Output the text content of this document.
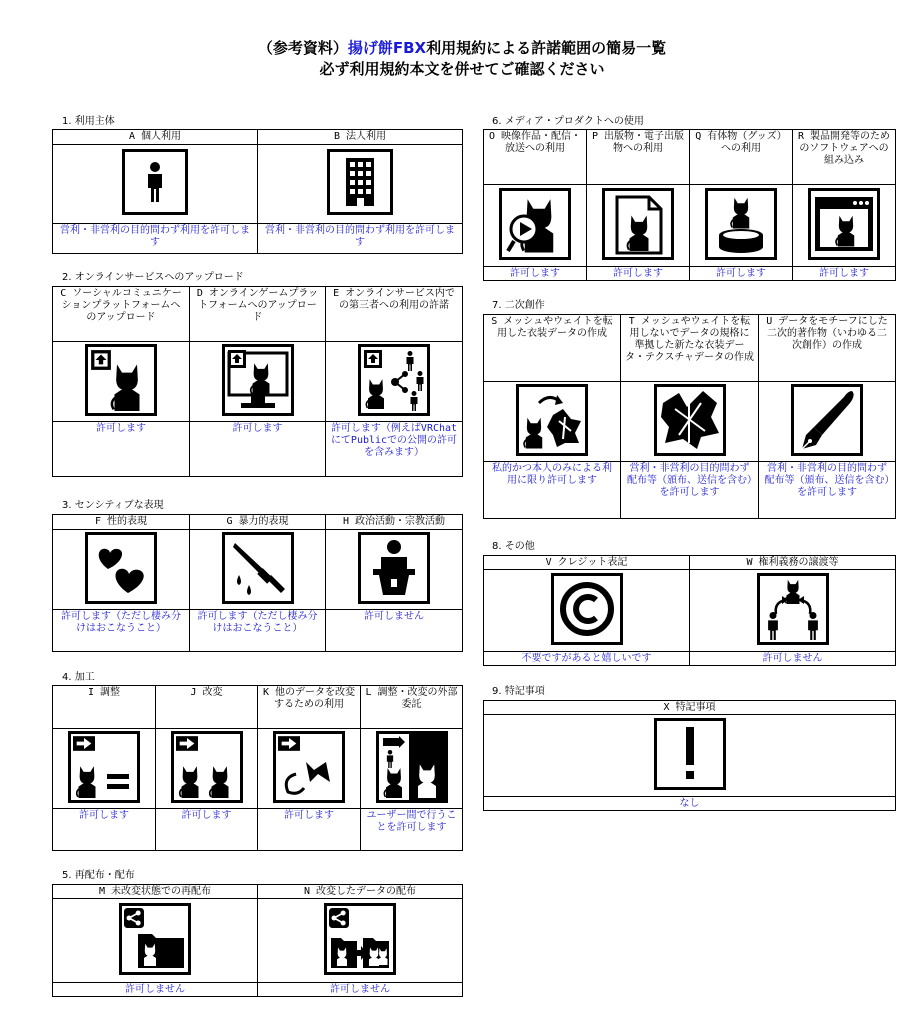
（参考資料）揚げ餅FBX利用規約による許諾範囲の簡易一覧
必ず利用規約本文を併せてご確認ください
1. 利用主体
A 個人利用	B 法人利用

営利・非営利の目的問わず利用を許可します	営利・非営利の目的問わず利用を許可します
2. オンラインサービスへのアップロード
C ソーシャルコミュニケーションプラットフォームへのアップロード	D オンラインゲームプラットフォームへのアップロード	E オンラインサービス内での第三者への利用の許諾

許可します	許可します	許可します（例えばVRChatにてPublicでの公開の許可を含みます）
3. センシティブな表現
F 性的表現	G 暴力的表現	H 政治活動・宗教活動

許可します（ただし棲み分けはおこなうこと）	許可します（ただし棲み分けはおこなうこと）	許可しません
4. 加工
I 調整	J 改変	K 他のデータを改変するための利用	L 調整・改変の外部委託

許可します	許可します	許可します	ユーザー間で行うことを許可します
5. 再配布・配布
M 未改変状態での再配布	N 改変したデータの配布

許可しません	許可しません
6. メディア・プロダクトへの使用
O 映像作品・配信・放送への利用	P 出版物・電子出版物への利用	Q 有体物（グッズ）への利用	R 製品開発等のためのソフトウェアへの組み込み

許可します	許可します	許可します	許可します
7. 二次創作
S メッシュやウェイトを転用した衣装データの作成	T メッシュやウェイトを転用しないでデータの規格に準拠した新たな衣装データ・テクスチャデータの作成	U データをモチーフにした二次的著作物（いわゆる二次創作）の作成

私的かつ本人のみによる利用に限り許可します	営利・非営利の目的問わず配布等（頒布、送信を含む）を許可します	営利・非営利の目的問わず配布等（頒布、送信を含む）を許可します
8. その他
V クレジット表記	W 権利義務の譲渡等

不要ですがあると嬉しいです	許可しません
9. 特記事項
X 特記事項

なし
